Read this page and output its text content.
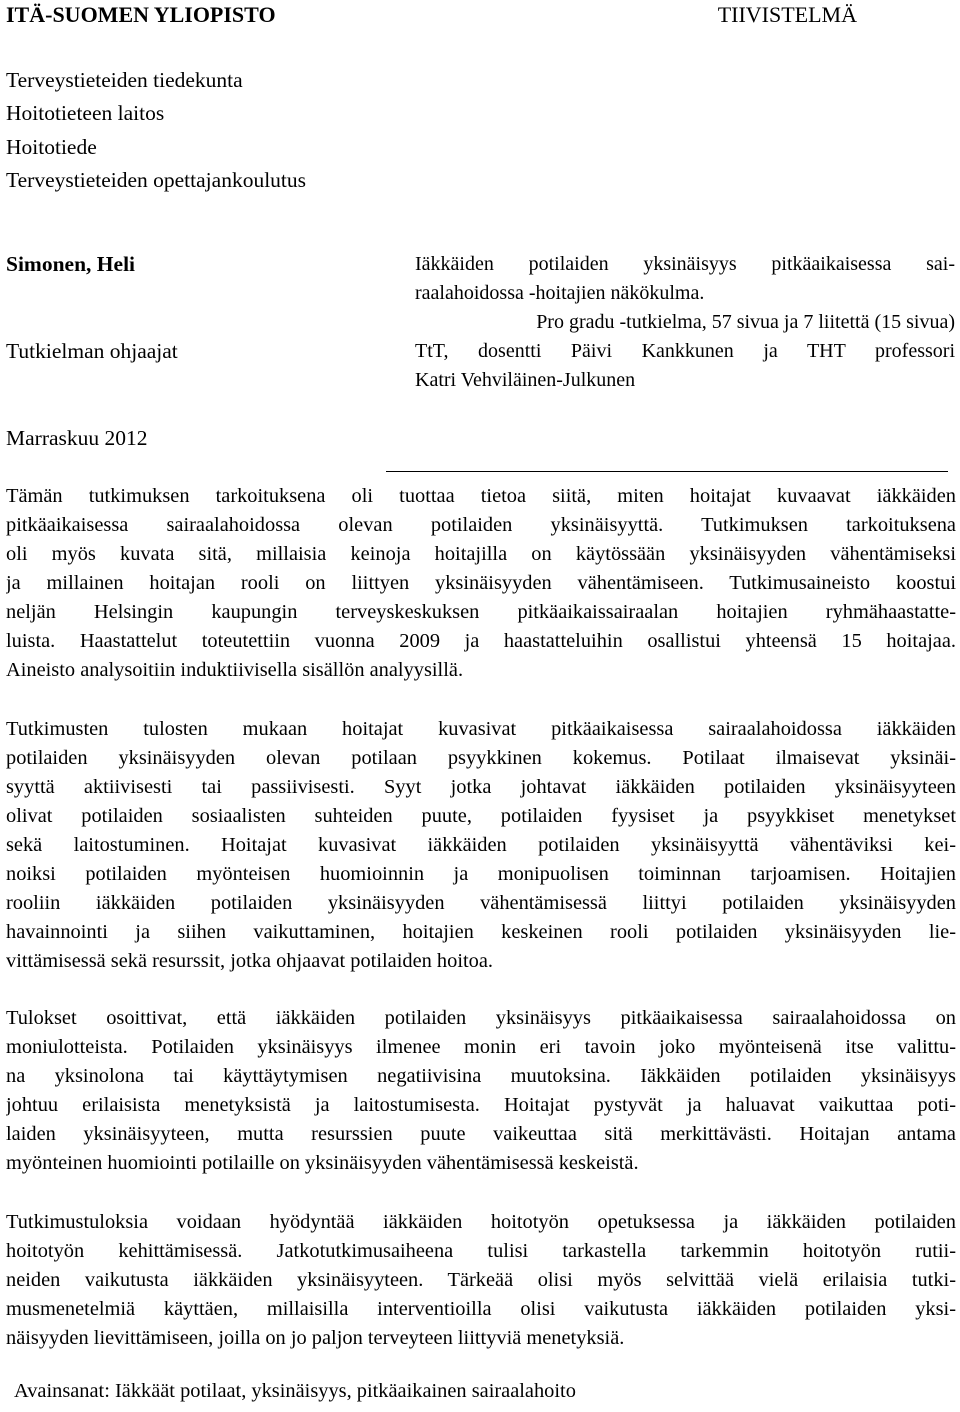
ITÄ-SUOMEN YLIOPISTO	TIIVISTELMÄ
Terveystieteiden tiedekunta
Hoitotieteen laitos
Hoitotiede
Terveystieteiden opettajankoulutus
Simonen, Heli
Tutkielman ohjaajat
Marraskuu 2012

Iäkkäiden potilaiden yksinäisyys pitkäaikaisessa sai-

raalahoidossa -hoitajien näkökulma.

Pro gradu -tutkielma, 57 sivua ja 7 liitettä (15 sivua)

TtT, dosentti Päivi Kankkunen ja THT professori

Katri Vehviläinen-Julkunen

Tämän tutkimuksen tarkoituksena oli tuottaa tietoa siitä, miten hoitajat kuvaavat iäkkäiden
pitkäaikaisessa sairaalahoidossa olevan potilaiden yksinäisyyttä. Tutkimuksen tarkoituksena
oli myös kuvata sitä, millaisia keinoja hoitajilla on käytössään yksinäisyyden vähentämiseksi
ja millainen hoitajan rooli on liittyen yksinäisyyden vähentämiseen. Tutkimusaineisto koostui
neljän Helsingin kaupungin terveyskeskuksen pitkäaikaissairaalan hoitajien ryhmähaastatte-
luista. Haastattelut toteutettiin vuonna 2009 ja haastatteluihin osallistui yhteensä 15 hoitajaa.
Aineisto analysoitiin induktiivisella sisällön analyysillä.
Tutkimusten tulosten mukaan hoitajat kuvasivat pitkäaikaisessa sairaalahoidossa iäkkäiden
potilaiden yksinäisyyden olevan potilaan psyykkinen kokemus. Potilaat ilmaisevat yksinäi-
syyttä aktiivisesti tai passiivisesti. Syyt jotka johtavat iäkkäiden potilaiden yksinäisyyteen
olivat potilaiden sosiaalisten suhteiden puute, potilaiden fyysiset ja psyykkiset menetykset
sekä laitostuminen. Hoitajat kuvasivat iäkkäiden potilaiden yksinäisyyttä vähentäviksi kei-
noiksi potilaiden myönteisen huomioinnin ja monipuolisen toiminnan tarjoamisen. Hoitajien
rooliin iäkkäiden potilaiden yksinäisyyden vähentämisessä liittyi potilaiden yksinäisyyden
havainnointi ja siihen vaikuttaminen, hoitajien keskeinen rooli potilaiden yksinäisyyden lie-
vittämisessä sekä resurssit, jotka ohjaavat potilaiden hoitoa.
Tulokset osoittivat, että iäkkäiden potilaiden yksinäisyys pitkäaikaisessa sairaalahoidossa on
moniulotteista. Potilaiden yksinäisyys ilmenee monin eri tavoin joko myönteisenä itse valittu-
na yksinolona tai käyttäytymisen negatiivisina muutoksina. Iäkkäiden potilaiden yksinäisyys
johtuu erilaisista menetyksistä ja laitostumisesta. Hoitajat pystyvät ja haluavat vaikuttaa poti-
laiden yksinäisyyteen, mutta resurssien puute vaikeuttaa sitä merkittävästi. Hoitajan antama
myönteinen huomiointi potilaille on yksinäisyyden vähentämisessä keskeistä.
Tutkimustuloksia voidaan hyödyntää iäkkäiden hoitotyön opetuksessa ja iäkkäiden potilaiden
hoitotyön kehittämisessä. Jatkotutkimusaiheena tulisi tarkastella tarkemmin hoitotyön rutii-
neiden vaikutusta iäkkäiden yksinäisyyteen. Tärkeää olisi myös selvittää vielä erilaisia tutki-
musmenetelmiä käyttäen, millaisilla interventioilla olisi vaikutusta iäkkäiden potilaiden yksi-
näisyyden lievittämiseen, joilla on jo paljon terveyteen liittyviä menetyksiä.
Avainsanat: Iäkkäät potilaat, yksinäisyys, pitkäaikainen sairaalahoito
